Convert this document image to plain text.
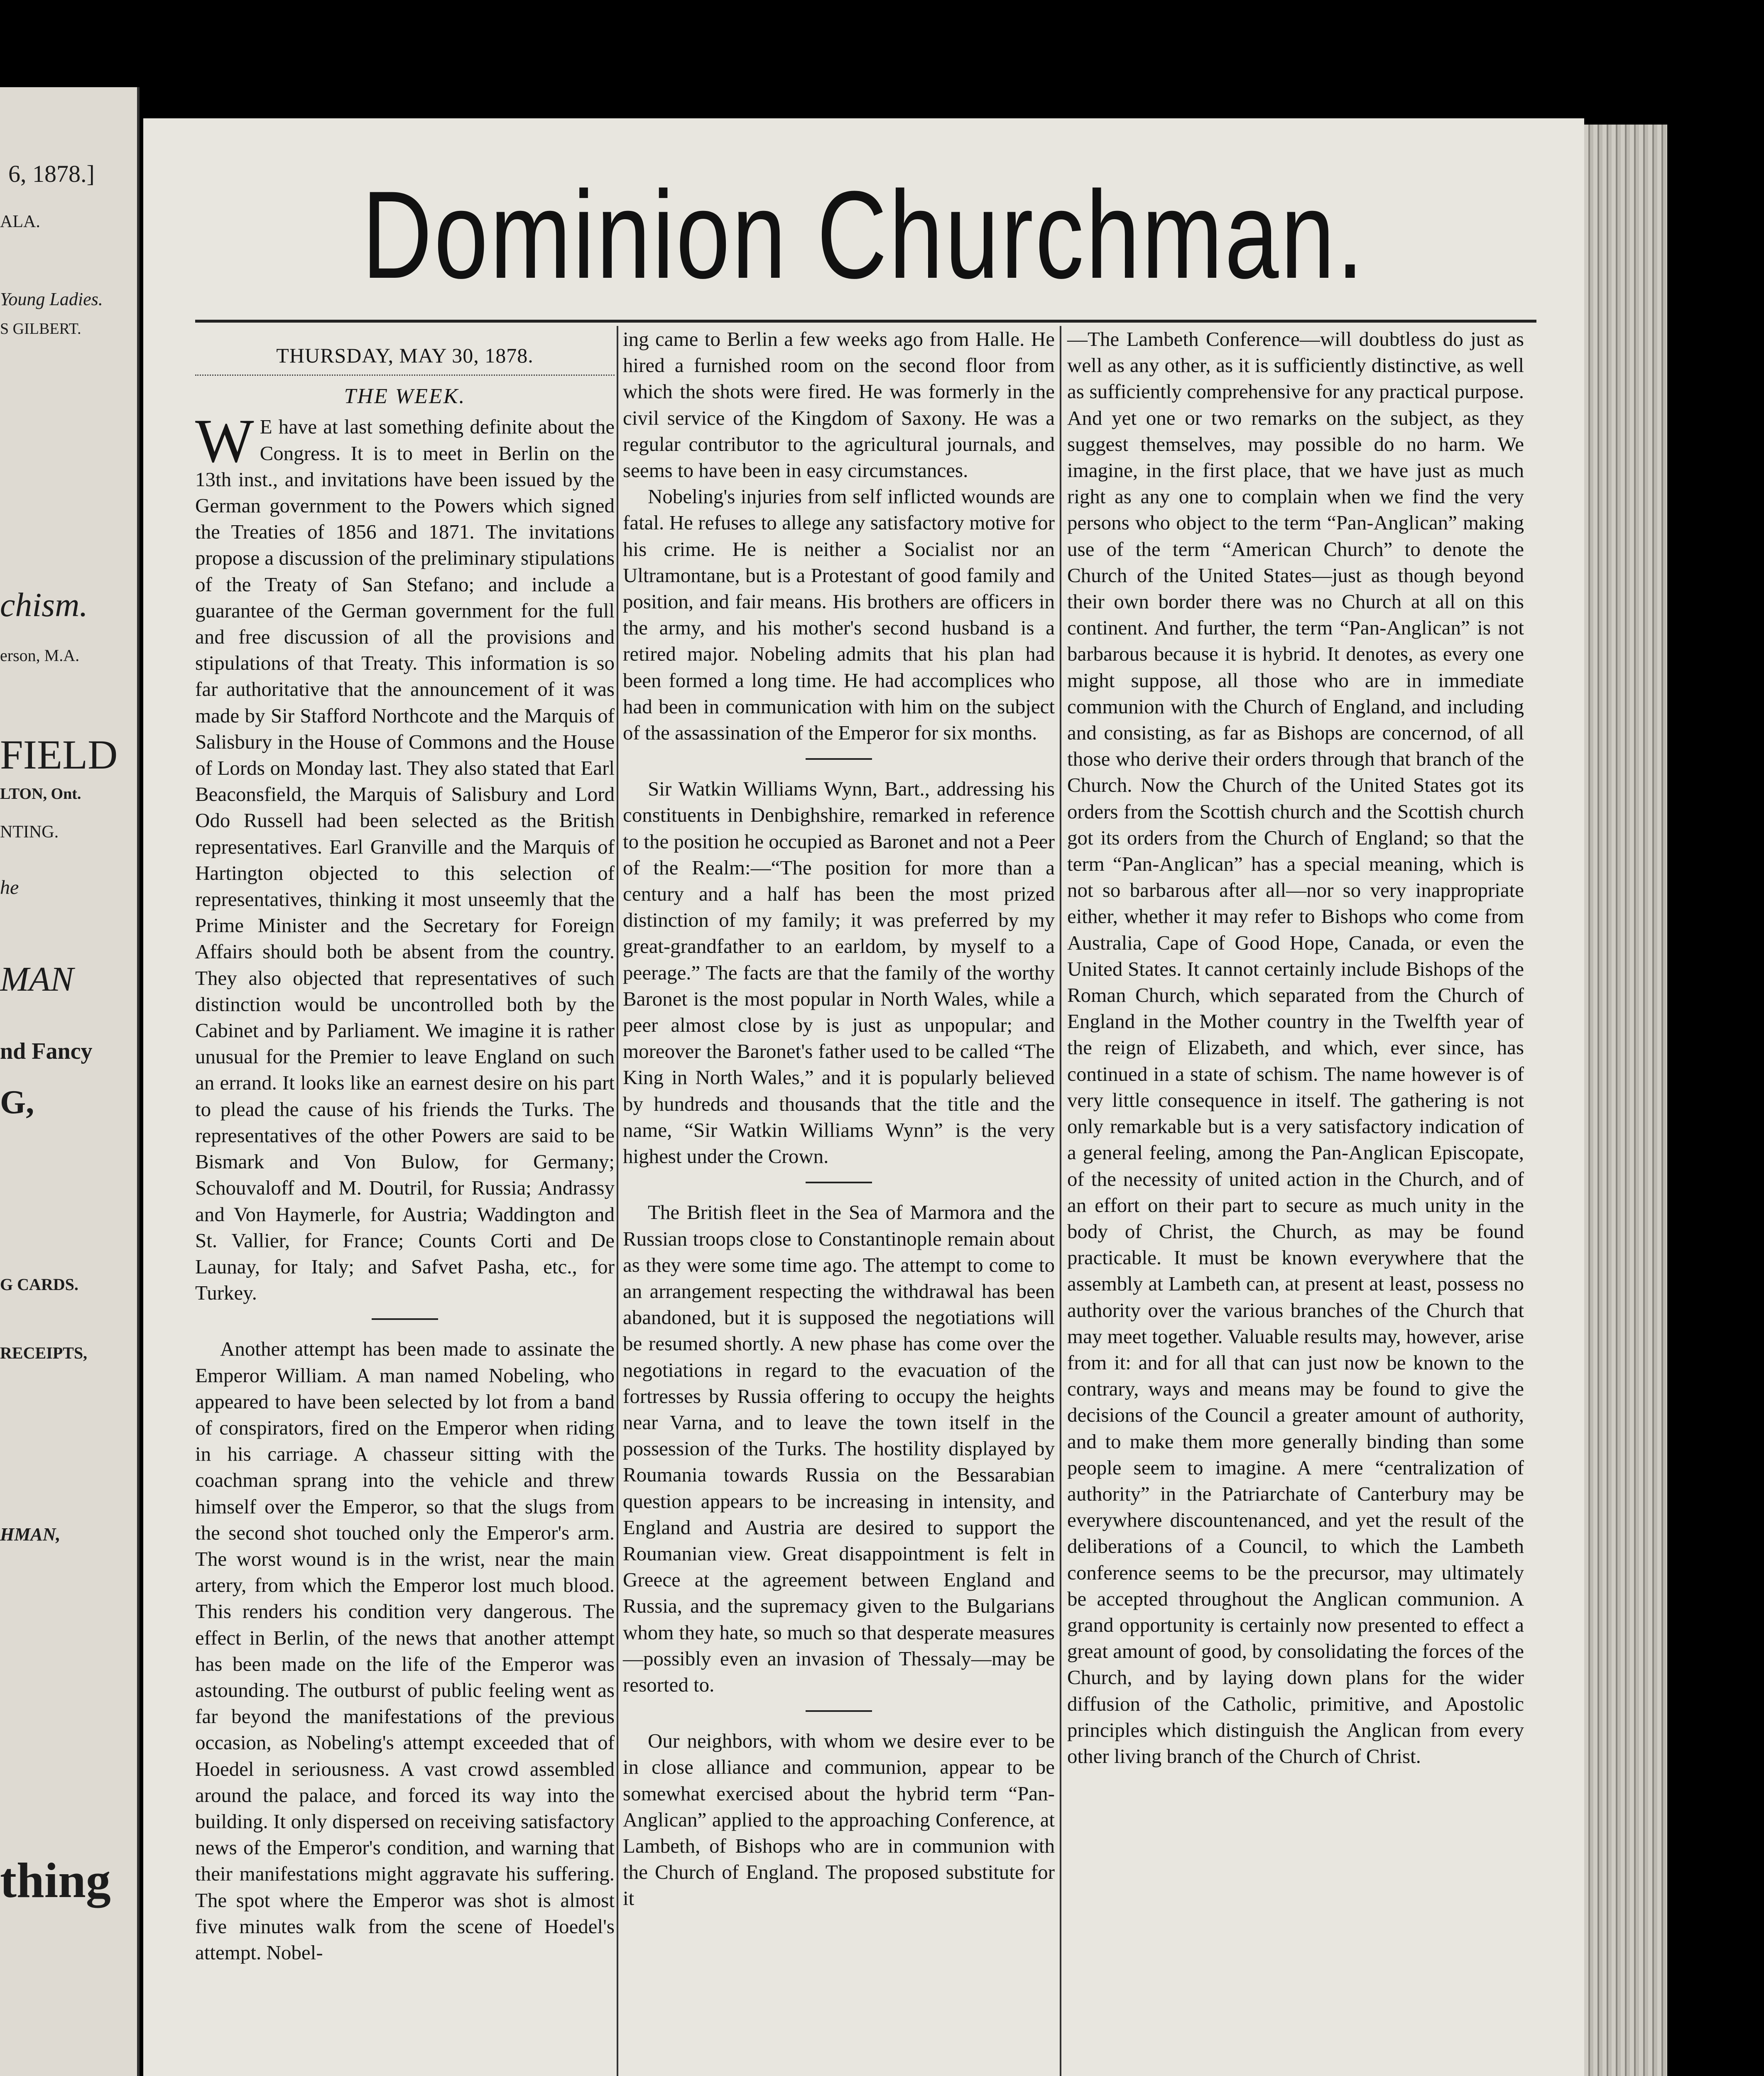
6, 1878.]
ALA.
Young Ladies.
S GILBERT.
chism.
erson, M.A.
FIELD
LTON, Ont.
NTING.
he
MAN
nd Fancy
G,
G CARDS.
RECEIPTS,
HMAN,
thing
Dominion Churchman.
THURSDAY, MAY 30, 1878.
THE WEEK.

W E have at last something definite about the Congress. It is to meet in Berlin on the 13th inst., and invitations have been issued by the German government to the Powers which signed the Treaties of 1856 and 1871. The invitations propose a discussion of the preliminary stipulations of the Treaty of San Stefano; and include a guarantee of the German government for the full and free discussion of all the provisions and stipulations of that Treaty. This information is so far authoritative that the announcement of it was made by Sir Stafford Northcote and the Marquis of Salisbury in the House of Commons and the House of Lords on Monday last. They also stated that Earl Beaconsfield, the Marquis of Salisbury and Lord Odo Russell had been selected as the British representatives. Earl Granville and the Marquis of Hartington objected to this selection of representatives, thinking it most unseemly that the Prime Minister and the Secretary for Foreign Affairs should both be absent from the country. They also objected that representatives of such distinction would be uncontrolled both by the Cabinet and by Parliament. We imagine it is rather unusual for the Premier to leave England on such an errand. It looks like an earnest desire on his part to plead the cause of his friends the Turks. The representatives of the other Powers are said to be Bismark and Von Bulow, for Germany; Schouvaloff and M. Doutril, for Russia; Andrassy and Von Haymerle, for Austria; Waddington and St. Vallier, for France; Counts Corti and De Launay, for Italy; and Safvet Pasha, etc., for Turkey.

Another attempt has been made to assinate the Emperor William. A man named Nobeling, who appeared to have been selected by lot from a band of conspirators, fired on the Emperor when riding in his carriage. A chasseur sitting with the coachman sprang into the vehicle and threw himself over the Emperor, so that the slugs from the second shot touched only the Emperor's arm. The worst wound is in the wrist, near the main artery, from which the Emperor lost much blood. This renders his condition very dangerous. The effect in Berlin, of the news that another attempt has been made on the life of the Emperor was astounding. The outburst of public feeling went as far beyond the manifestations of the previous occasion, as Nobeling's attempt exceeded that of Hoedel in seriousness. A vast crowd assembled around the palace, and forced its way into the building. It only dispersed on receiving satisfactory news of the Emperor's condition, and warning that their manifestations might aggravate his suffering. The spot where the Emperor was shot is almost five minutes walk from the scene of Hoedel's attempt. Nobel-

ing came to Berlin a few weeks ago from Halle. He hired a furnished room on the second floor from which the shots were fired. He was formerly in the civil service of the Kingdom of Saxony. He was a regular contributor to the agricultural journals, and seems to have been in easy circumstances.

Nobeling's injuries from self inflicted wounds are fatal. He refuses to allege any satisfactory motive for his crime. He is neither a Socialist nor an Ultramontane, but is a Protestant of good family and position, and fair means. His brothers are officers in the army, and his mother's second husband is a retired major. Nobeling admits that his plan had been formed a long time. He had accomplices who had been in communication with him on the subject of the assassination of the Emperor for six months.

Sir Watkin Williams Wynn, Bart., addressing his constituents in Denbighshire, remarked in reference to the position he occupied as Baronet and not a Peer of the Realm:—“The position for more than a century and a half has been the most prized distinction of my family; it was preferred by my great-grandfather to an earldom, by myself to a peerage.” The facts are that the family of the worthy Baronet is the most popular in North Wales, while a peer almost close by is just as unpopular; and moreover the Baronet's father used to be called “The King in North Wales,” and it is popularly believed by hundreds and thousands that the title and the name, “Sir Watkin Williams Wynn” is the very highest under the Crown.

The British fleet in the Sea of Marmora and the Russian troops close to Constantinople remain about as they were some time ago. The attempt to come to an arrangement respecting the withdrawal has been abandoned, but it is supposed the negotiations will be resumed shortly. A new phase has come over the negotiations in regard to the evacuation of the fortresses by Russia offering to occupy the heights near Varna, and to leave the town itself in the possession of the Turks. The hostility displayed by Roumania towards Russia on the Bessarabian question appears to be increasing in intensity, and England and Austria are desired to support the Roumanian view. Great disappointment is felt in Greece at the agreement between England and Russia, and the supremacy given to the Bulgarians whom they hate, so much so that desperate measures—possibly even an invasion of Thessaly—may be resorted to.

Our neighbors, with whom we desire ever to be in close alliance and communion, appear to be somewhat exercised about the hybrid term “Pan-Anglican” applied to the approaching Conference, at Lambeth, of Bishops who are in communion with the Church of England. The proposed substitute for it

—The Lambeth Conference—will doubtless do just as well as any other, as it is sufficiently distinctive, as well as sufficiently comprehensive for any practical purpose. And yet one or two remarks on the subject, as they suggest themselves, may possible do no harm. We imagine, in the first place, that we have just as much right as any one to complain when we find the very persons who object to the term “Pan-Anglican” making use of the term “American Church” to denote the Church of the United States—just as though beyond their own border there was no Church at all on this continent. And further, the term “Pan-Anglican” is not barbarous because it is hybrid. It denotes, as every one might suppose, all those who are in immediate communion with the Church of England, and including and consisting, as far as Bishops are concernod, of all those who derive their orders through that branch of the Church. Now the Church of the United States got its orders from the Scottish church and the Scottish church got its orders from the Church of England; so that the term “Pan-Anglican” has a special meaning, which is not so barbarous after all—nor so very inappropriate either, whether it may refer to Bishops who come from Australia, Cape of Good Hope, Canada, or even the United States. It cannot certainly include Bishops of the Roman Church, which separated from the Church of England in the Mother country in the Twelfth year of the reign of Elizabeth, and which, ever since, has continued in a state of schism. The name however is of very little consequence in itself. The gathering is not only remarkable but is a very satisfactory indication of a general feeling, among the Pan-Anglican Episcopate, of the necessity of united action in the Church, and of an effort on their part to secure as much unity in the body of Christ, the Church, as may be found practicable. It must be known everywhere that the assembly at Lambeth can, at present at least, possess no authority over the various branches of the Church that may meet together. Valuable results may, however, arise from it: and for all that can just now be known to the contrary, ways and means may be found to give the decisions of the Council a greater amount of authority, and to make them more generally binding than some people seem to imagine. A mere “centralization of authority” in the Patriarchate of Canterbury may be everywhere discountenanced, and yet the result of the deliberations of a Council, to which the Lambeth conference seems to be the precursor, may ultimately be accepted throughout the Anglican communion. A grand opportunity is certainly now presented to effect a great amount of good, by consolidating the forces of the Church, and by laying down plans for the wider diffusion of the Catholic, primitive, and Apostolic principles which distinguish the Anglican from every other living branch of the Church of Christ.
